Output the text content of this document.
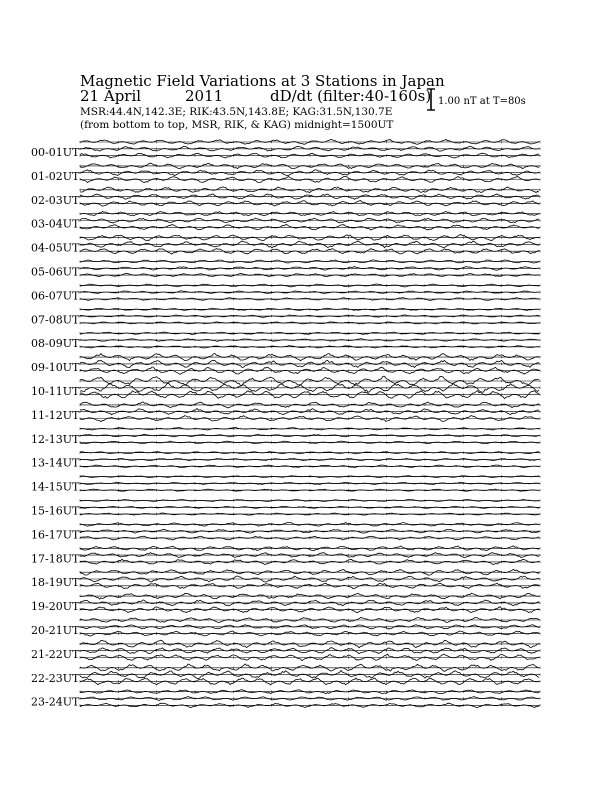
Magnetic Field Variations at 3 Stations in Japan
21 April	2011	dD/dt (filter:40-160s)
MSR:44.4N,142.3E; RIK:43.5N,143.8E; KAG:31.5N,130.7E
(from bottom to top, MSR, RIK, & KAG) midnight=1500UT
1.00 nT at T=80s
00-01UT
01-02UT
02-03UT
03-04UT
04-05UT
05-06UT
06-07UT
07-08UT
08-09UT
09-10UT
10-11UT
11-12UT
12-13UT
13-14UT
14-15UT
15-16UT
16-17UT
17-18UT
18-19UT
19-20UT
20-21UT
21-22UT
22-23UT
23-24UT
